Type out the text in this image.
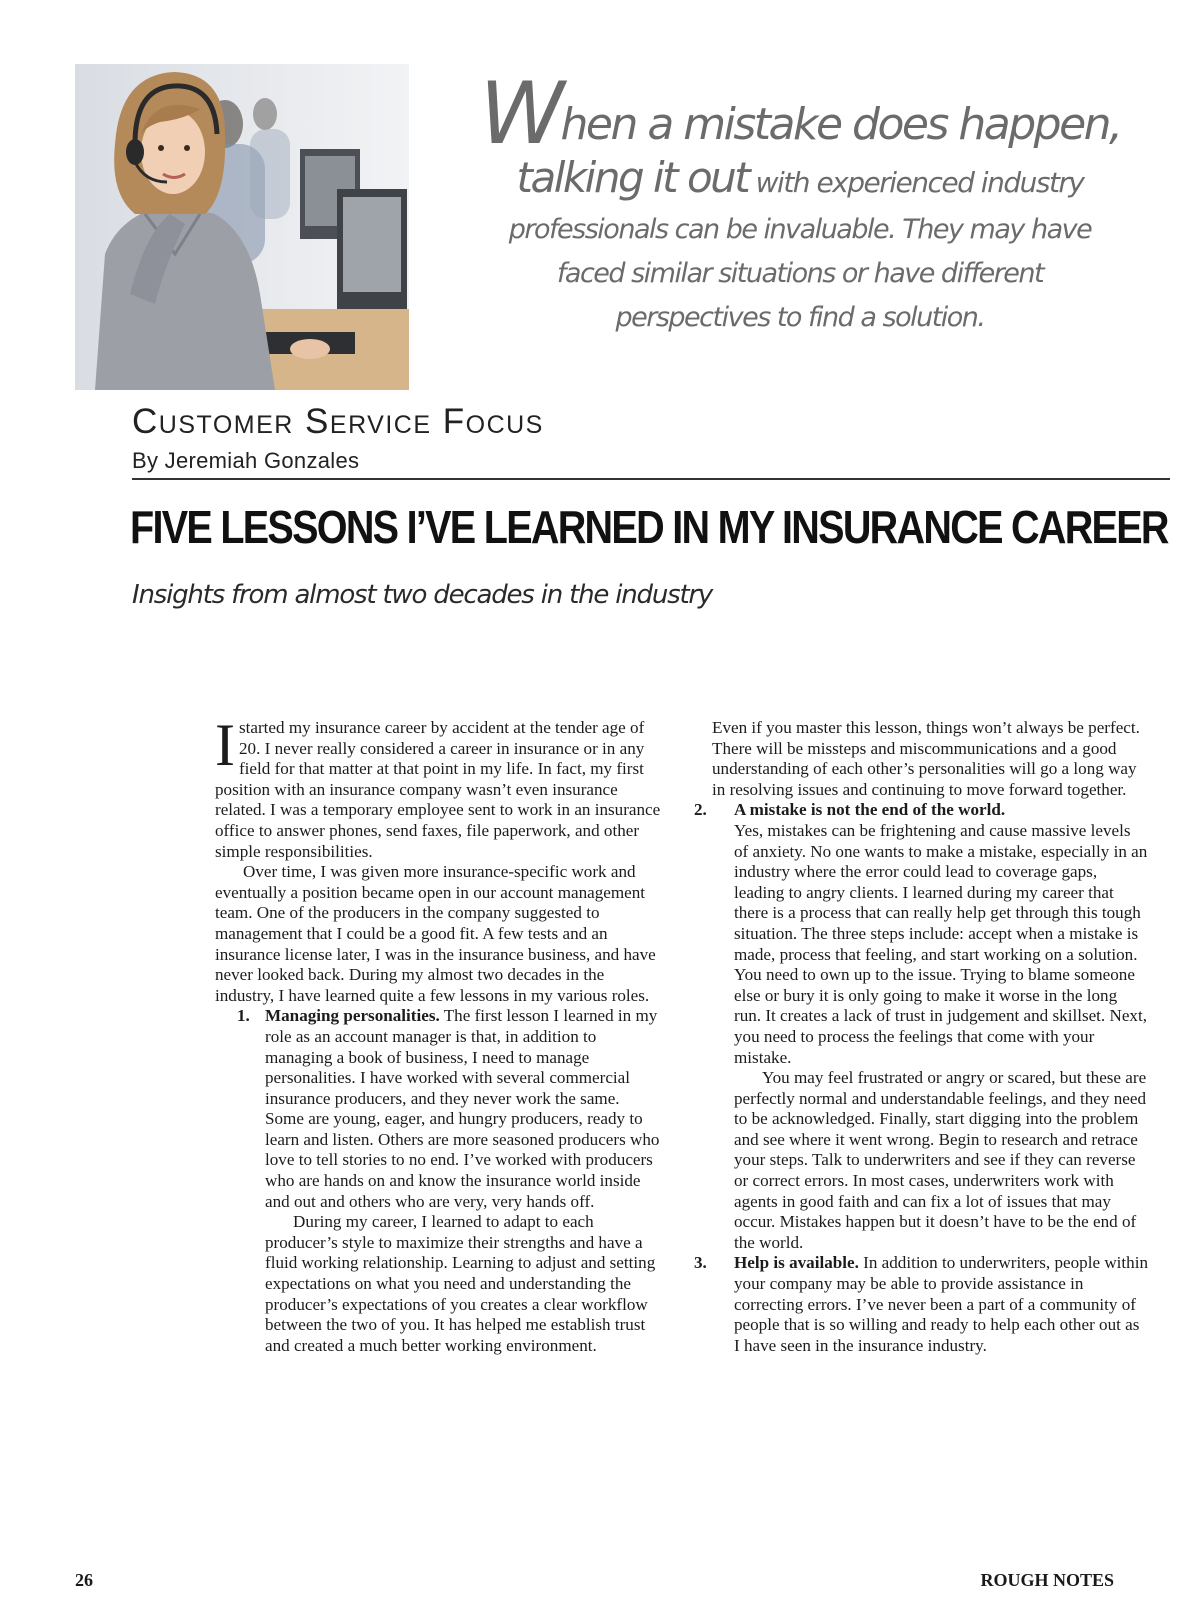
When a mistake does happen,
talking it out with experienced industry
professionals can be invaluable. They may have
faced similar situations or have different
perspectives to find a solution.
Customer Service Focus
By Jeremiah Gonzales
FIVE LESSONS I’VE LEARNED IN MY INSURANCE CAREER
Insights from almost two decades in the industry

I started my insurance career by accident at the tender age of 20. I never really considered a career in insurance or in any field for that matter at that point in my life. In fact, my first position with an insurance company wasn’t even insurance related. I was a temporary employee sent to work in an insurance office to answer phones, send faxes, file paperwork, and other simple responsibilities.

Over time, I was given more insurance-specific work and eventually a position became open in our account management team. One of the producers in the company suggested to management that I could be a good fit. A few tests and an insurance license later, I was in the insurance business, and have never looked back. During my almost two decades in the industry, I have learned quite a few lessons in my various roles.

1. Managing personalities. The first lesson I learned in my role as an account manager is that, in addition to managing a book of business, I need to manage personalities. I have worked with several commercial insurance producers, and they never work the same. Some are young, eager, and hungry producers, ready to learn and listen. Others are more seasoned producers who love to tell stories to no end. I’ve worked with producers who are hands on and know the insurance world inside and out and others who are very, very hands off.

During my career, I learned to adapt to each producer’s style to maximize their strengths and have a fluid working relationship. Learning to adjust and setting expectations on what you need and understanding the producer’s expectations of you creates a clear workflow between the two of you. It has helped me establish trust and created a much better working environment.

Even if you master this lesson, things won’t always be perfect. There will be missteps and miscommunications and a good understanding of each other’s personalities will go a long way in resolving issues and continuing to move forward together.

2. A mistake is not the end of the world.

Yes, mistakes can be frightening and cause massive levels of anxiety. No one wants to make a mistake, especially in an industry where the error could lead to coverage gaps, leading to angry clients. I learned during my career that there is a process that can really help get through this tough situation. The three steps include: accept when a mistake is made, process that feeling, and start working on a solution. You need to own up to the issue. Trying to blame someone else or bury it is only going to make it worse in the long run. It creates a lack of trust in judgement and skillset. Next, you need to process the feelings that come with your mistake.

You may feel frustrated or angry or scared, but these are perfectly normal and understandable feelings, and they need to be acknowledged. Finally, start digging into the problem and see where it went wrong. Begin to research and retrace your steps. Talk to underwriters and see if they can reverse or correct errors. In most cases, underwriters work with agents in good faith and can fix a lot of issues that may occur. Mistakes happen but it doesn’t have to be the end of the world.

3. Help is available. In addition to underwriters, people within your company may be able to provide assistance in correcting errors. I’ve never been a part of a community of people that is so willing and ready to help each other out as I have seen in the insurance industry.

26	ROUGH NOTES
